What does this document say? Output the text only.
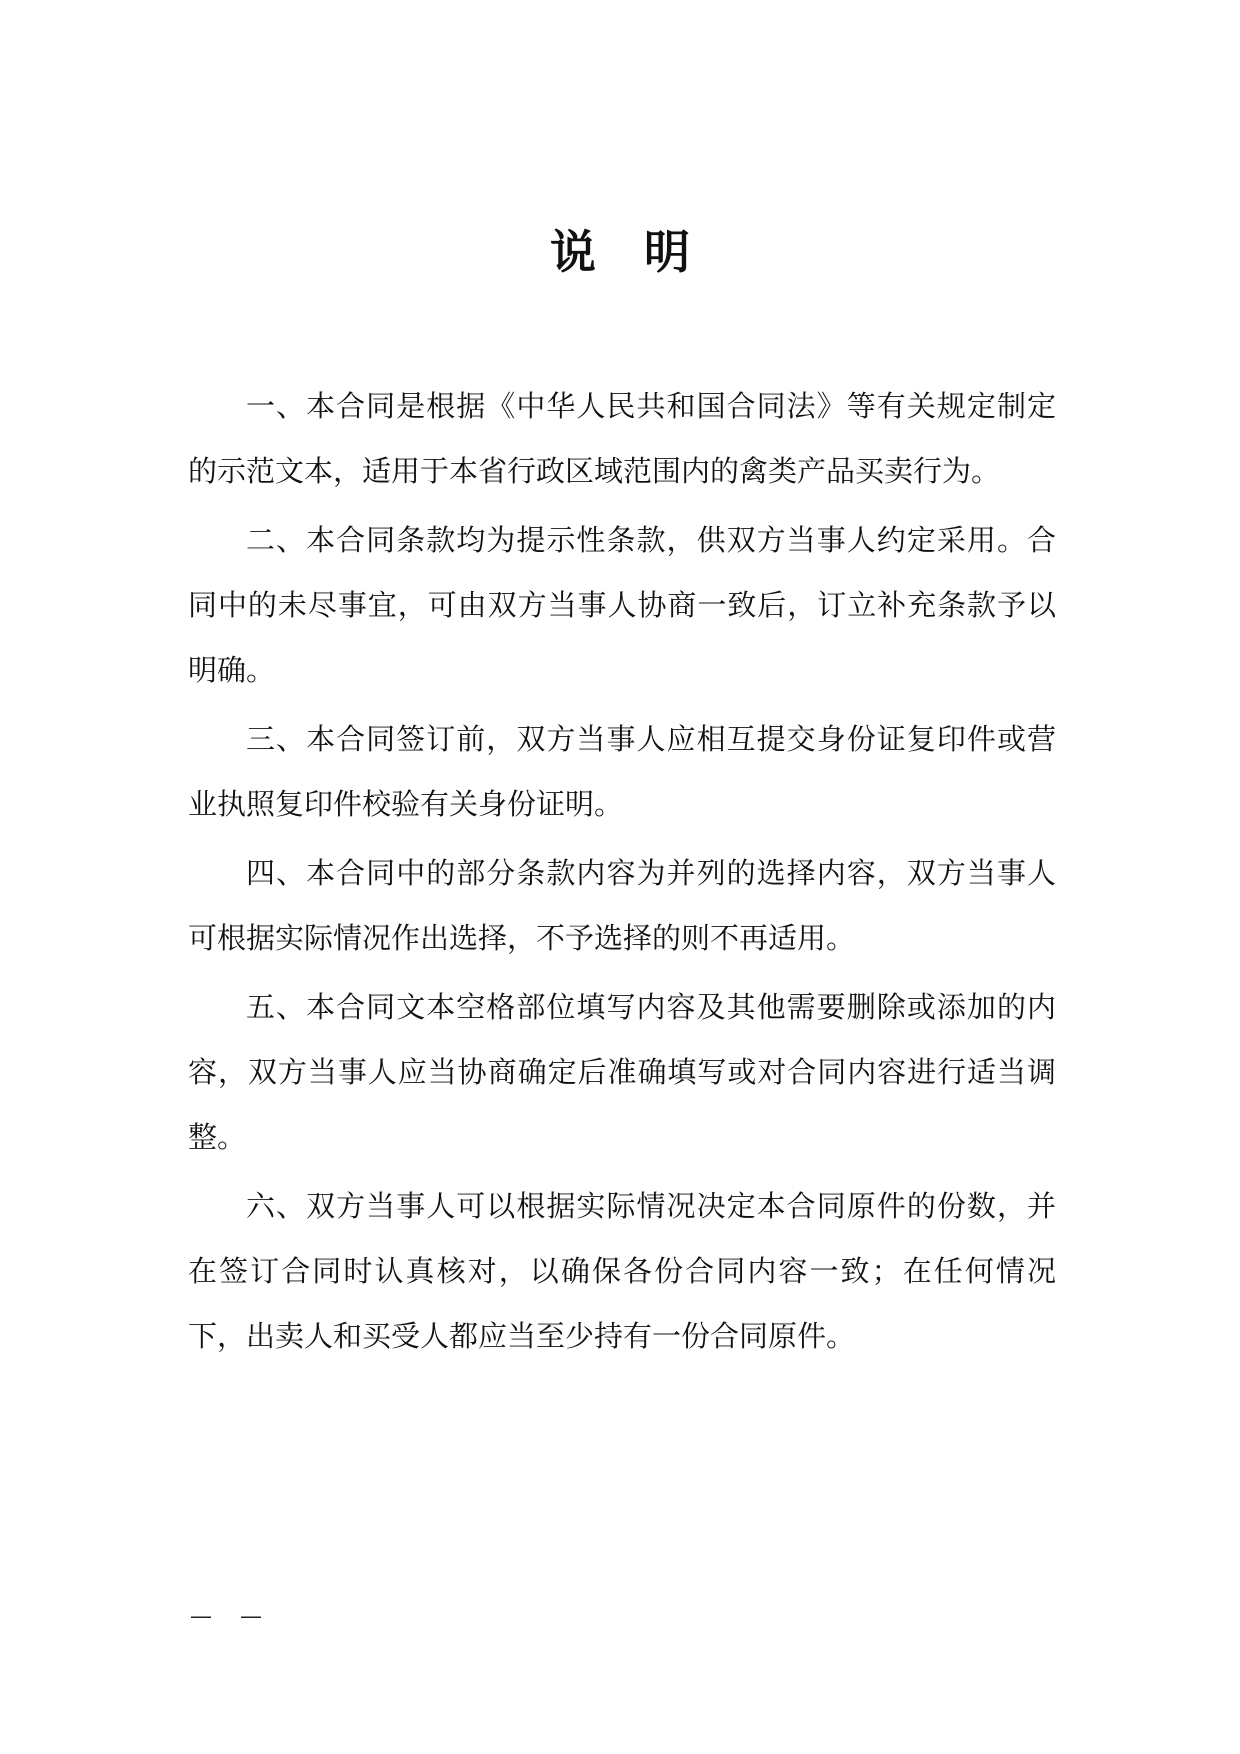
说明

一、本合同是根据《中华人民共和国合同法》等有关规定制定的示范文本，适用于本省行政区域范围内的禽类产品买卖行为。

二、本合同条款均为提示性条款，供双方当事人约定采用。合同中的未尽事宜，可由双方当事人协商一致后，订立补充条款予以明确。

三、本合同签订前，双方当事人应相互提交身份证复印件或营业执照复印件校验有关身份证明。

四、本合同中的部分条款内容为并列的选择内容，双方当事人可根据实际情况作出选择，不予选择的则不再适用。

五、本合同文本空格部位填写内容及其他需要删除或添加的内容，双方当事人应当协商确定后准确填写或对合同内容进行适当调整。

六、双方当事人可以根据实际情况决定本合同原件的份数，并在签订合同时认真核对，以确保各份合同内容一致；在任何情况下，出卖人和买受人都应当至少持有一份合同原件。

—    —
